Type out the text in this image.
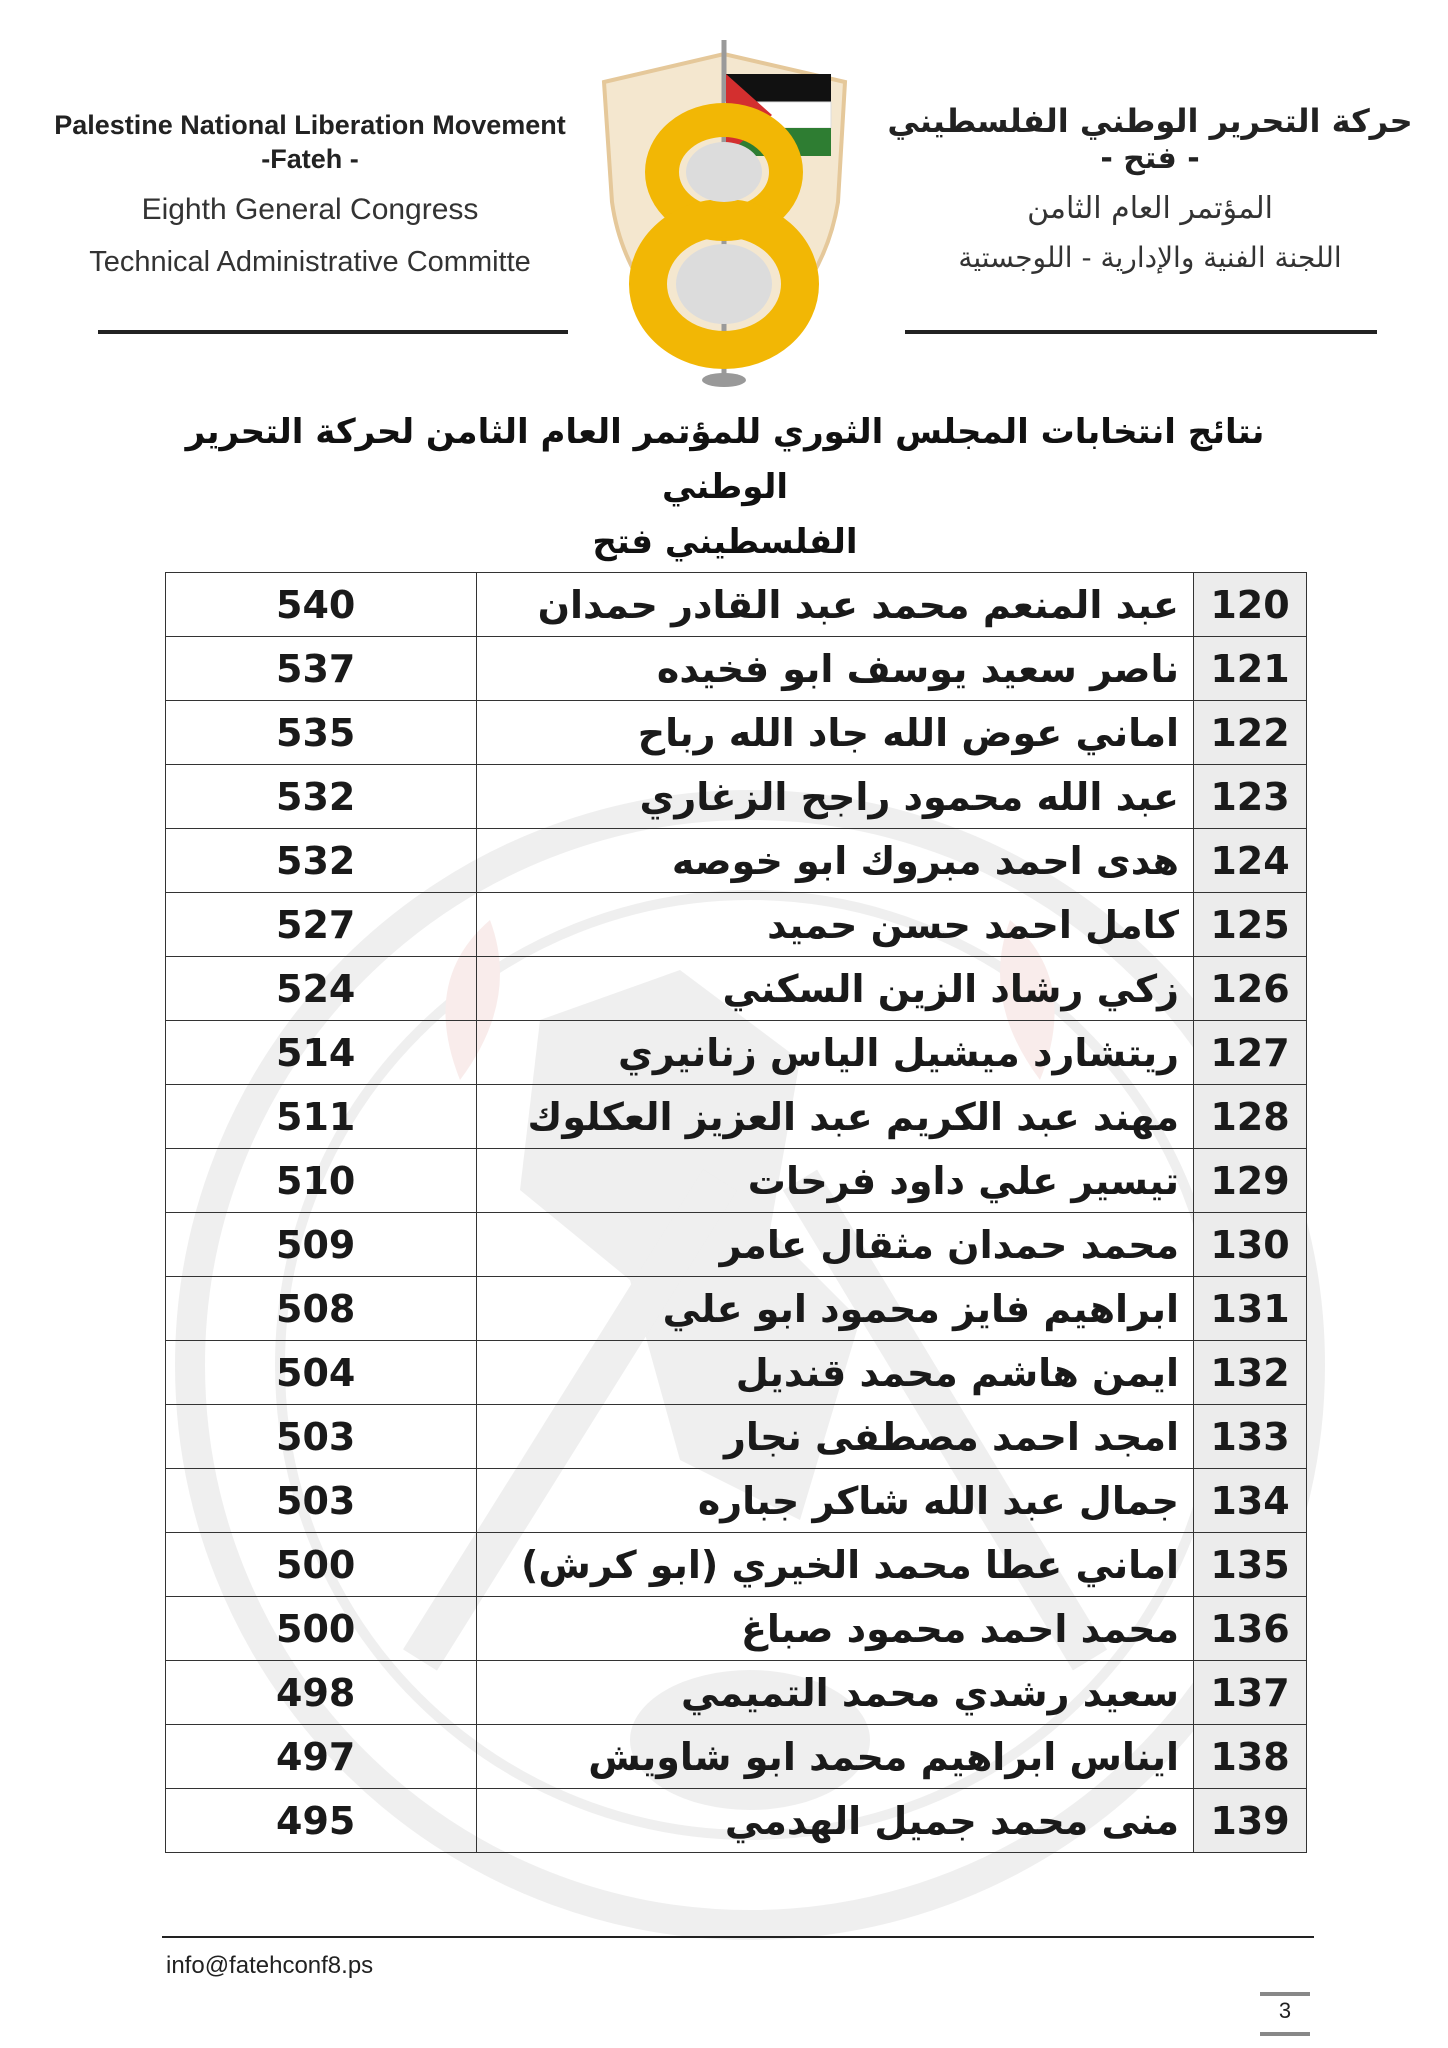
Palestine National Liberation Movement
-Fateh -
Eighth General Congress
Technical Administrative Committe
حركة التحرير الوطني الفلسطيني
- فتح -
المؤتمر العام الثامن
اللجنة الفنية والإدارية - اللوجستية
نتائج انتخابات المجلس الثوري للمؤتمر العام الثامن لحركة التحرير الوطني
الفلسطيني فتح
120	عبد المنعم محمد عبد القادر حمدان	540
121	ناصر سعيد يوسف ابو فخيده	537
122	اماني عوض الله جاد الله رباح	535
123	عبد الله محمود راجح الزغاري	532
124	هدى احمد مبروك ابو خوصه	532
125	كامل احمد حسن حميد	527
126	زكي رشاد الزين السكني	524
127	ريتشارد ميشيل الياس زنانيري	514
128	مهند عبد الكريم عبد العزيز العكلوك	511
129	تيسير علي داود فرحات	510
130	محمد حمدان مثقال عامر	509
131	ابراهيم فايز محمود ابو علي	508
132	ايمن هاشم محمد قنديل	504
133	امجد احمد مصطفى نجار	503
134	جمال عبد الله شاكر جباره	503
135	اماني عطا محمد الخيري (ابو كرش)	500
136	محمد احمد محمود صباغ	500
137	سعيد رشدي محمد التميمي	498
138	ايناس ابراهيم محمد ابو شاويش	497
139	منى محمد جميل الهدمي	495
info@fatehconf8.ps
3
